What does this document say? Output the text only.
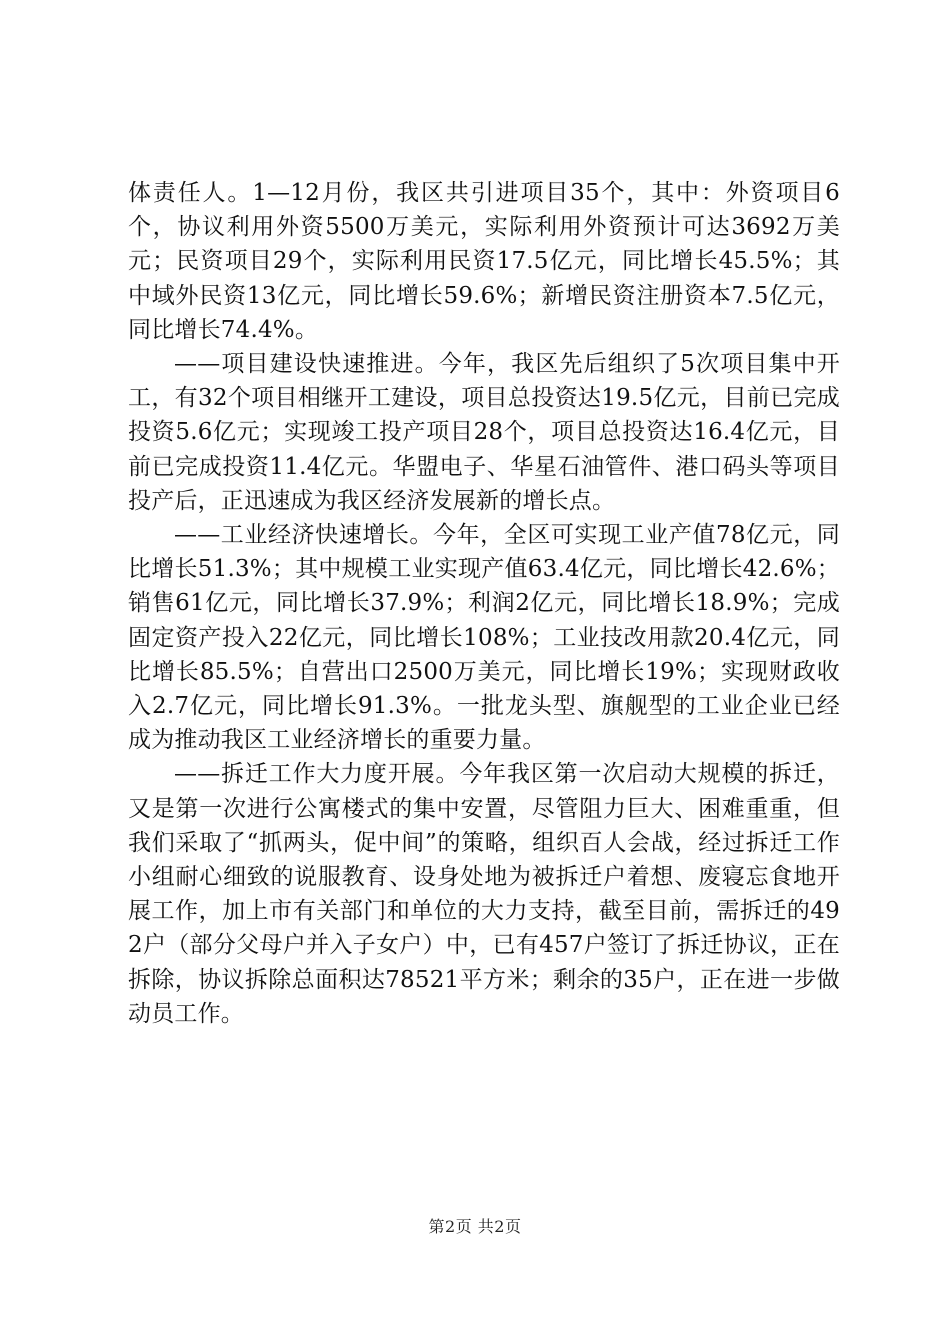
体责任人。1—12月份，我区共引进项目35个，其中：外资项目6个，协议利用外资5500万美元，实际利用外资预计可达3692万美元；民资项目29个，实际利用民资17.5亿元，同比增长45.5%；其中域外民资13亿元，同比增长59.6%；新增民资注册资本7.5亿元，同比增长74.4%。

——项目建设快速推进。今年，我区先后组织了5次项目集中开工，有32个项目相继开工建设，项目总投资达19.5亿元，目前已完成投资5.6亿元；实现竣工投产项目28个，项目总投资达16.4亿元，目前已完成投资11.4亿元。华盟电子、华星石油管件、港口码头等项目投产后，正迅速成为我区经济发展新的增长点。

——工业经济快速增长。今年，全区可实现工业产值78亿元，同比增长51.3%；其中规模工业实现产值63.4亿元，同比增长42.6%；销售61亿元，同比增长37.9%；利润2亿元，同比增长18.9%；完成固定资产投入22亿元，同比增长108%；工业技改用款20.4亿元，同比增长85.5%；自营出口2500万美元，同比增长19%；实现财政收入2.7亿元，同比增长91.3%。一批龙头型、旗舰型的工业企业已经成为推动我区工业经济增长的重要力量。

——拆迁工作大力度开展。今年我区第一次启动大规模的拆迁，又是第一次进行公寓楼式的集中安置，尽管阻力巨大、困难重重，但我们采取了“抓两头，促中间”的策略，组织百人会战，经过拆迁工作小组耐心细致的说服教育、设身处地为被拆迁户着想、废寝忘食地开展工作，加上市有关部门和单位的大力支持，截至目前，需拆迁的492户（部分父母户并入子女户）中，已有457户签订了拆迁协议，正在拆除，协议拆除总面积达78521平方米；剩余的35户，正在进一步做动员工作。

第2页 共2页
